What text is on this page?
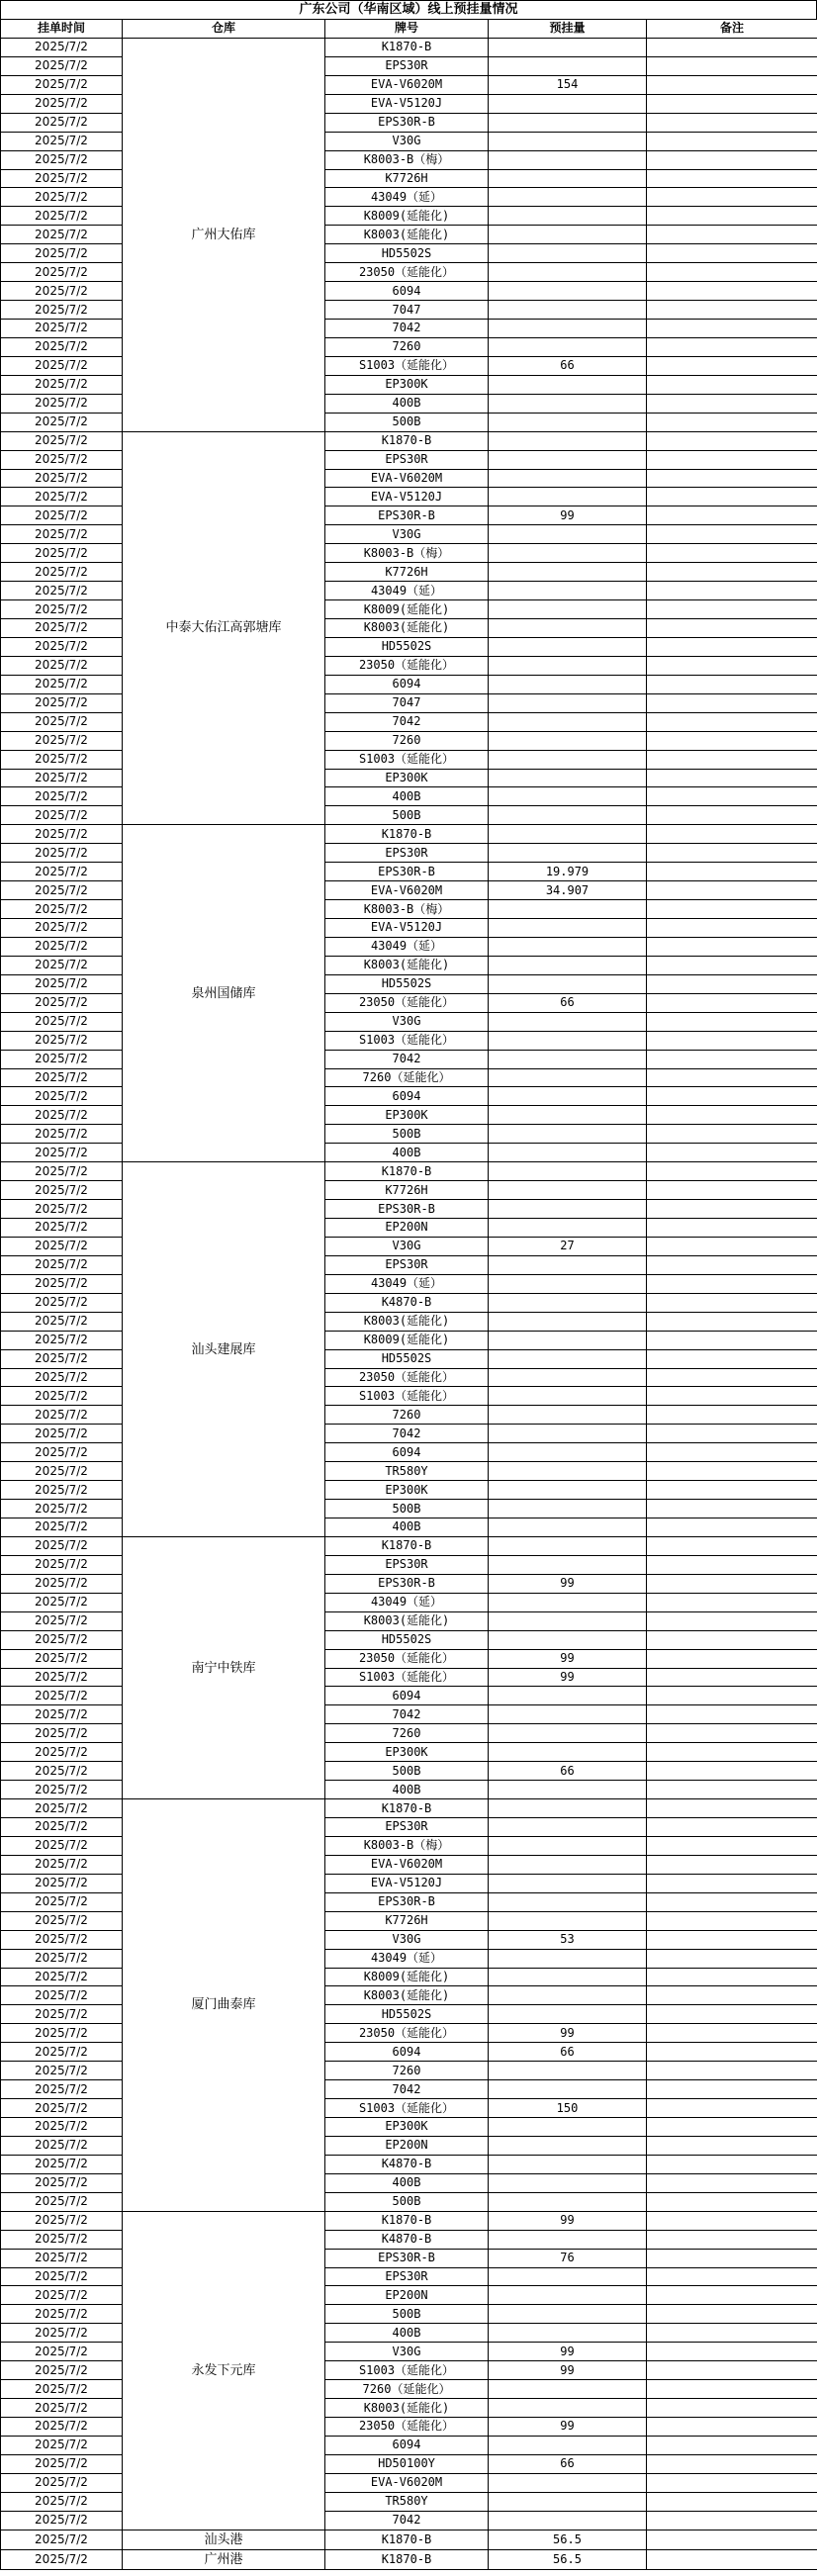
广东公司（华南区域）线上预挂量情况
挂单时间	仓库	牌号	预挂量	备注
2025/7/2	广州大佑库	K1870-B		
2025/7/2		EPS30R		
2025/7/2		EVA-V6020M	154	
2025/7/2		EVA-V5120J		
2025/7/2		EPS30R-B		
2025/7/2		V30G		
2025/7/2		K8003-B（梅）		
2025/7/2		K7726H		
2025/7/2		43049（延）		
2025/7/2		K8009(延能化)		
2025/7/2		K8003(延能化)		
2025/7/2		HD5502S		
2025/7/2		23050（延能化）		
2025/7/2		6094		
2025/7/2		7047		
2025/7/2		7042		
2025/7/2		7260		
2025/7/2		S1003（延能化）	66	
2025/7/2		EP300K		
2025/7/2		400B		
2025/7/2		500B		
2025/7/2	中泰大佑江高郭塘库	K1870-B		
2025/7/2		EPS30R		
2025/7/2		EVA-V6020M		
2025/7/2		EVA-V5120J		
2025/7/2		EPS30R-B	99	
2025/7/2		V30G		
2025/7/2		K8003-B（梅）		
2025/7/2		K7726H		
2025/7/2		43049（延）		
2025/7/2		K8009(延能化)		
2025/7/2		K8003(延能化)		
2025/7/2		HD5502S		
2025/7/2		23050（延能化）		
2025/7/2		6094		
2025/7/2		7047		
2025/7/2		7042		
2025/7/2		7260		
2025/7/2		S1003（延能化）		
2025/7/2		EP300K		
2025/7/2		400B		
2025/7/2		500B		
2025/7/2	泉州国储库	K1870-B		
2025/7/2		EPS30R		
2025/7/2		EPS30R-B	19.979	
2025/7/2		EVA-V6020M	34.907	
2025/7/2		K8003-B（梅）		
2025/7/2		EVA-V5120J		
2025/7/2		43049（延）		
2025/7/2		K8003(延能化)		
2025/7/2		HD5502S		
2025/7/2		23050（延能化）	66	
2025/7/2		V30G		
2025/7/2		S1003（延能化）		
2025/7/2		7042		
2025/7/2		7260（延能化）		
2025/7/2		6094		
2025/7/2		EP300K		
2025/7/2		500B		
2025/7/2		400B		
2025/7/2	汕头建展库	K1870-B		
2025/7/2		K7726H		
2025/7/2		EPS30R-B		
2025/7/2		EP200N		
2025/7/2		V30G	27	
2025/7/2		EPS30R		
2025/7/2		43049（延）		
2025/7/2		K4870-B		
2025/7/2		K8003(延能化)		
2025/7/2		K8009(延能化)		
2025/7/2		HD5502S		
2025/7/2		23050（延能化）		
2025/7/2		S1003（延能化）		
2025/7/2		7260		
2025/7/2		7042		
2025/7/2		6094		
2025/7/2		TR580Y		
2025/7/2		EP300K		
2025/7/2		500B		
2025/7/2		400B		
2025/7/2	南宁中铁库	K1870-B		
2025/7/2		EPS30R		
2025/7/2		EPS30R-B	99	
2025/7/2		43049（延）		
2025/7/2		K8003(延能化)		
2025/7/2		HD5502S		
2025/7/2		23050（延能化）	99	
2025/7/2		S1003（延能化）	99	
2025/7/2		6094		
2025/7/2		7042		
2025/7/2		7260		
2025/7/2		EP300K		
2025/7/2		500B	66	
2025/7/2		400B		
2025/7/2	厦门曲泰库	K1870-B		
2025/7/2		EPS30R		
2025/7/2		K8003-B（梅）		
2025/7/2		EVA-V6020M		
2025/7/2		EVA-V5120J		
2025/7/2		EPS30R-B		
2025/7/2		K7726H		
2025/7/2		V30G	53	
2025/7/2		43049（延）		
2025/7/2		K8009(延能化)		
2025/7/2		K8003(延能化)		
2025/7/2		HD5502S		
2025/7/2		23050（延能化）	99	
2025/7/2		6094	66	
2025/7/2		7260		
2025/7/2		7042		
2025/7/2		S1003（延能化）	150	
2025/7/2		EP300K		
2025/7/2		EP200N		
2025/7/2		K4870-B		
2025/7/2		400B		
2025/7/2		500B		
2025/7/2	永发下元库	K1870-B	99	
2025/7/2		K4870-B		
2025/7/2		EPS30R-B	76	
2025/7/2		EPS30R		
2025/7/2		EP200N		
2025/7/2		500B		
2025/7/2		400B		
2025/7/2		V30G	99	
2025/7/2		S1003（延能化）	99	
2025/7/2		7260（延能化）		
2025/7/2		K8003(延能化)		
2025/7/2		23050（延能化）	99	
2025/7/2		6094		
2025/7/2		HD50100Y	66	
2025/7/2		EVA-V6020M		
2025/7/2		TR580Y		
2025/7/2		7042		
2025/7/2	汕头港	K1870-B	56.5	
2025/7/2	广州港	K1870-B	56.5	
